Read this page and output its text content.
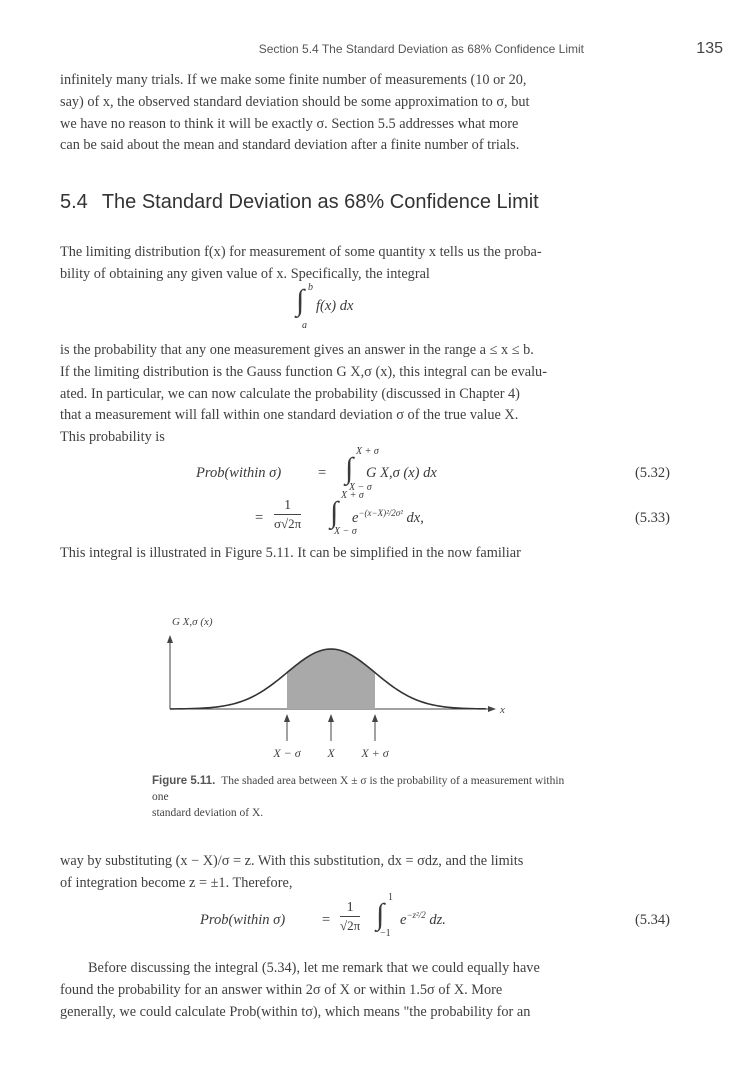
Section 5.4 The Standard Deviation as 68% Confidence Limit	135
infinitely many trials. If we make some finite number of measurements (10 or 20,
say) of x, the observed standard deviation should be some approximation to σ, but
we have no reason to think it will be exactly σ. Section 5.5 addresses what more
can be said about the mean and standard deviation after a finite number of trials.
5.4 The Standard Deviation as 68% Confidence Limit
The limiting distribution f(x) for measurement of some quantity x tells us the proba-
bility of obtaining any given value of x. Specifically, the integral
∫ b
a
f(x) dx
is the probability that any one measurement gives an answer in the range a ≤ x ≤ b.
If the limiting distribution is the Gauss function G X,σ (x), this integral can be evalu-
ated. In particular, we can now calculate the probability (discussed in Chapter 4)
that a measurement will fall within one standard deviation σ of the true value X.
This probability is
Prob(within σ)	= ∫
X + σ
X − σ
G X,σ (x) dx	(5.32)
= $\frac{1}{\sigma√2\pi}$ ∫
X + σ
X − σ
$e^{-(x-X)^2/2\sigma^2}$ dx,	(5.33)
This integral is illustrated in Figure 5.11. It can be simplified in the now familiar
G X,σ (x)
x
X − σ X X + σ
Figure 5.11. The shaded area between X ± σ is the probability of a measurement within one
standard deviation of X.
way by substituting (x − X)/σ = z. With this substitution, dx = σdz, and the limits
of integration become z = ±1. Therefore,
Prob(within σ)	= $\frac{1}{√2\pi}$ ∫
1
−1
$e^{-z^2/2}$ dz.	(5.34)
Before discussing the integral (5.34), let me remark that we could equally have
found the probability for an answer within 2σ of X or within 1.5σ of X. More
generally, we could calculate Prob(within tσ), which means "the probability for an
